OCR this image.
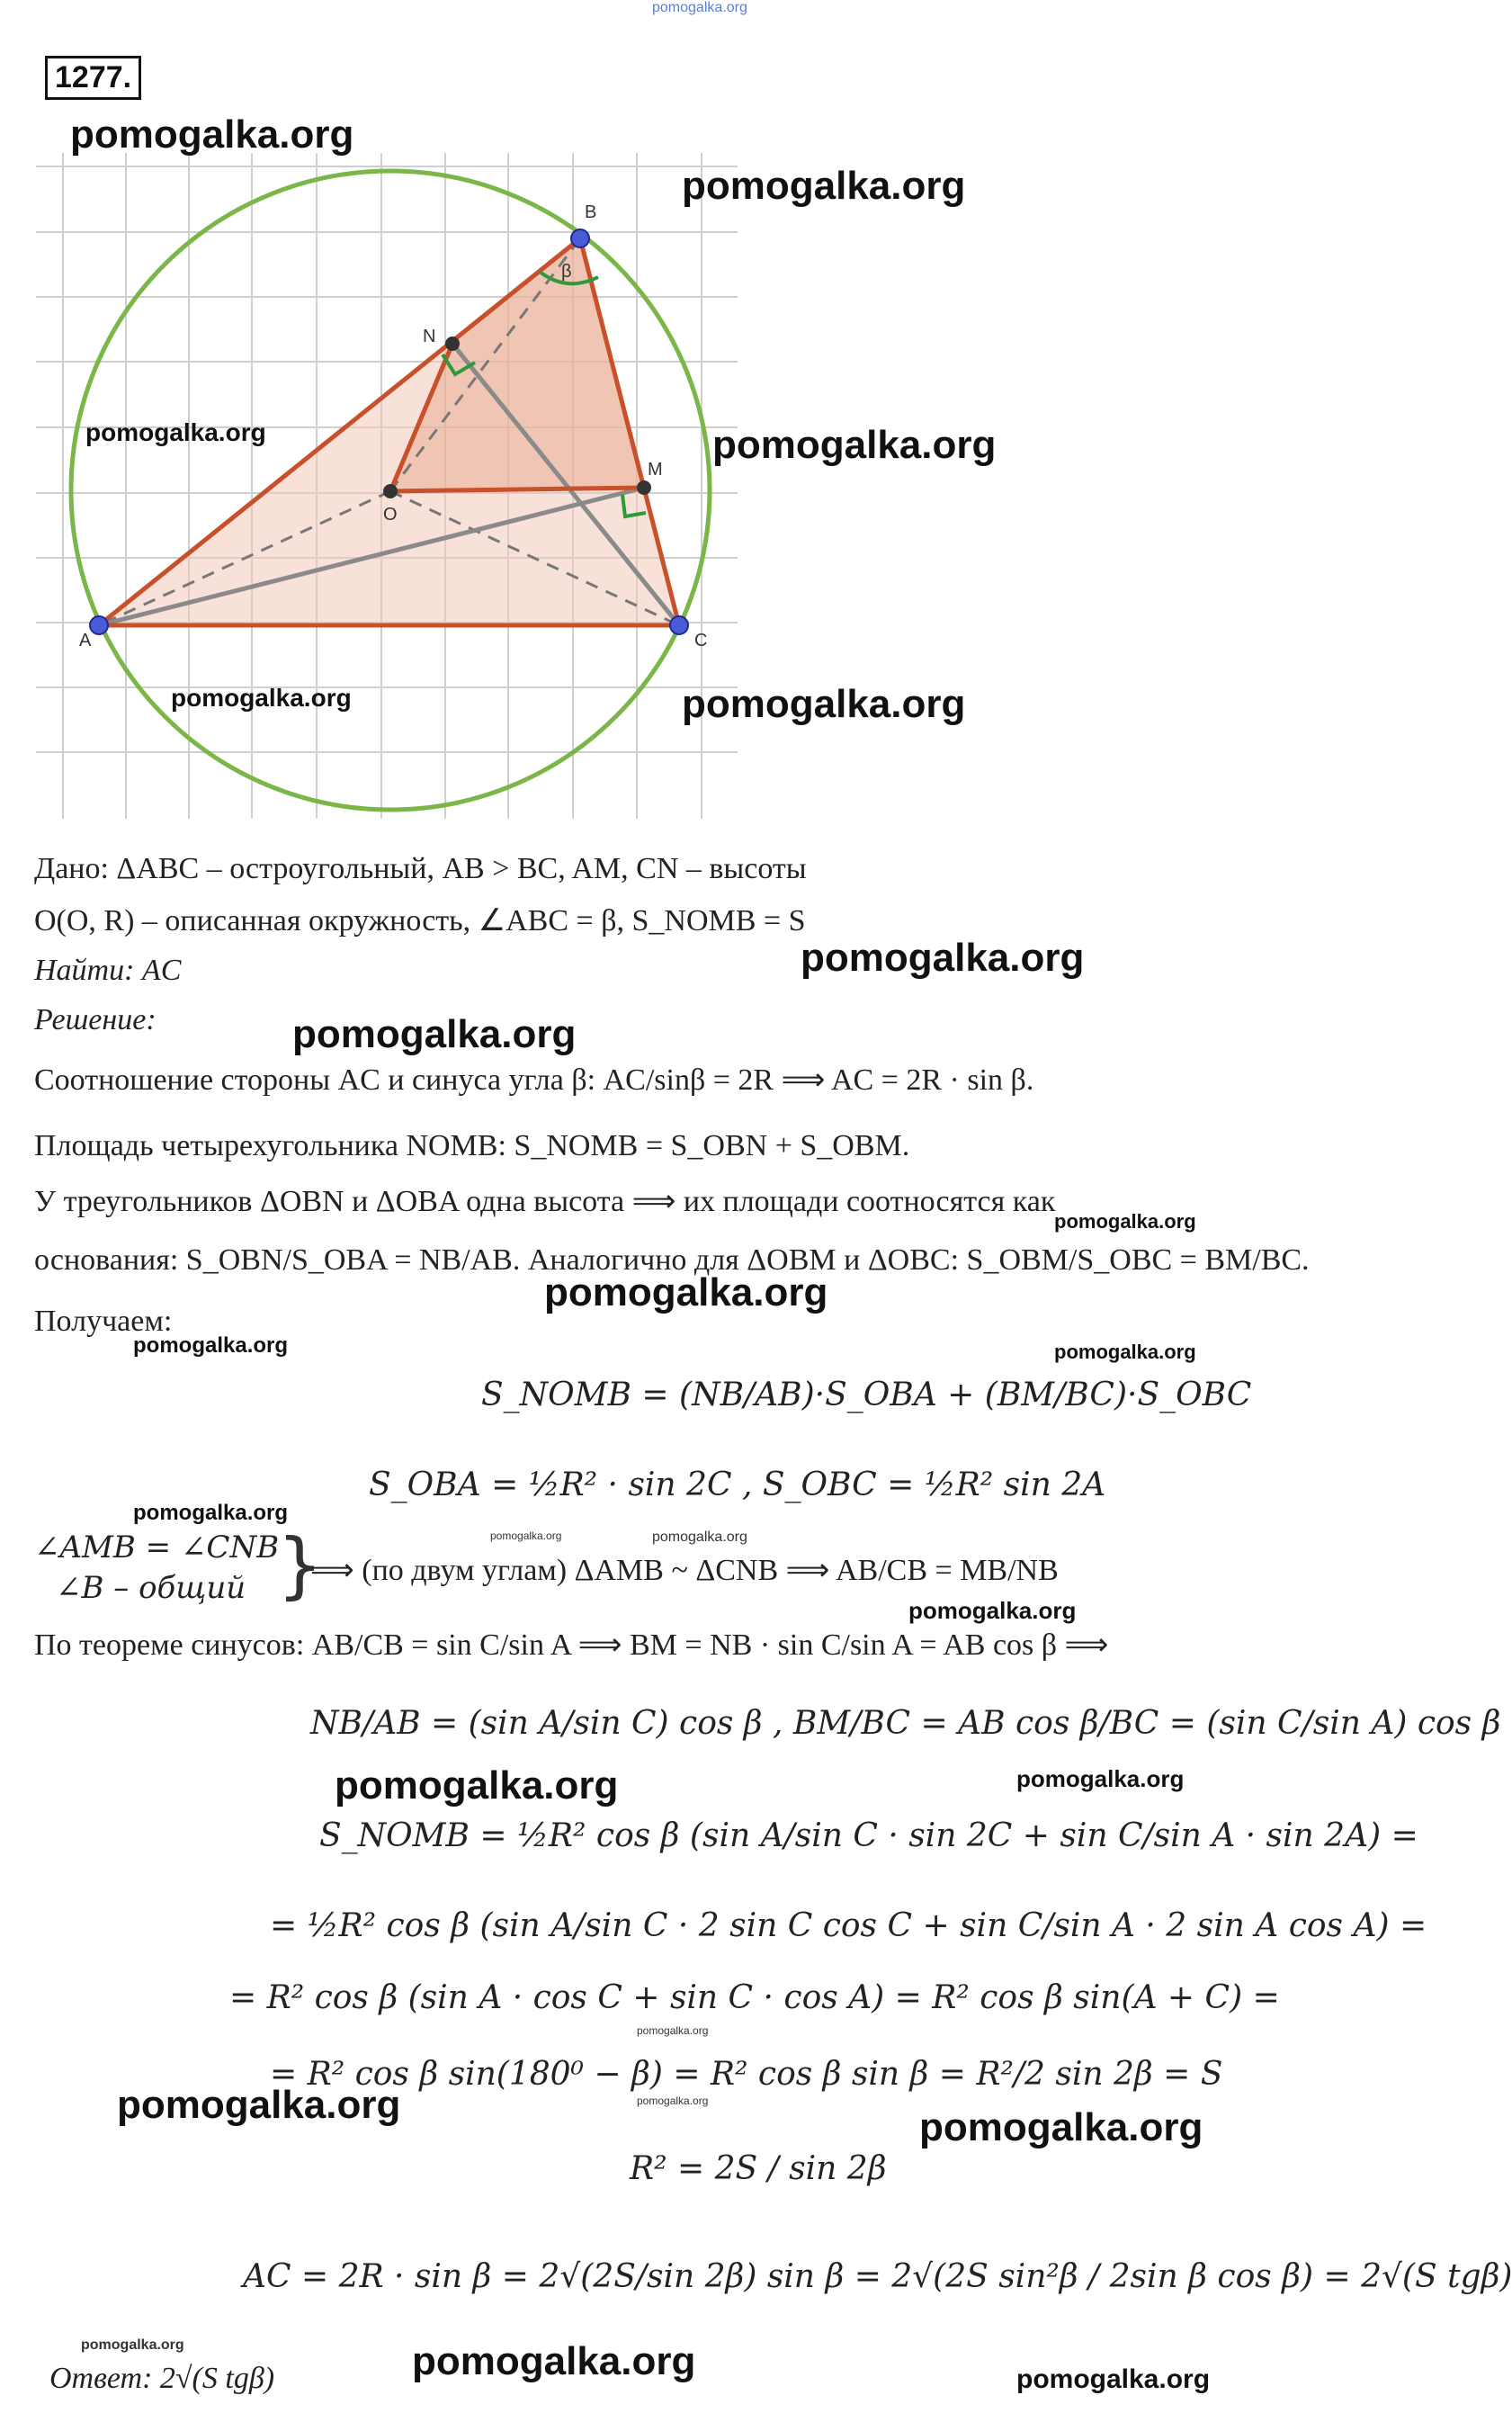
pomogalka.org
1277.
A
B
C
N
M
O
β
pomogalka.org
pomogalka.org
pomogalka.org	pomogalka.org
pomogalka.org	pomogalka.org
Дано: ΔABC – остроугольный, AB > BC, AM, CN – высоты
O(O, R) – описанная окружность, ∠ABC = β, S_NOMB = S
pomogalka.org
Найти: AC
Решение:	pomogalka.org
Соотношение стороны AC и синуса угла β: AC/sinβ = 2R ⟹ AC = 2R · sin β.
Площадь четырехугольника NOMB: S_NOMB = S_OBN + S_OBM.
У треугольников ΔOBN и ΔOBA одна высота ⟹ их площади соотносятся как
pomogalka.org
основания: S_OBN/S_OBA = NB/AB. Аналогично для ΔOBM и ΔOBC: S_OBM/S_OBC = BM/BC.
pomogalka.org
Получаем:
pomogalka.org	pomogalka.org
S_NOMB = (NB/AB)·S_OBA + (BM/BC)·S_OBC
S_OBA = ½R² · sin 2C , S_OBC = ½R² sin 2A
pomogalka.org
pomogalka.org	pomogalka.org
∠AMB = ∠CNB
∠B – общий }
⟹ (по двум углам) ΔAMB ~ ΔCNB ⟹ AB/CB = MB/NB
pomogalka.org
По теореме синусов: AB/CB = sin C/sin A ⟹ BM = NB · sin C/sin A = AB cos β ⟹
NB/AB = (sin A/sin C) cos β , BM/BC = AB cos β/BC = (sin C/sin A) cos β
pomogalka.org	pomogalka.org
S_NOMB = ½R² cos β (sin A/sin C · sin 2C + sin C/sin A · sin 2A) =
= ½R² cos β (sin A/sin C · 2 sin C cos C + sin C/sin A · 2 sin A cos A) =
= R² cos β (sin A · cos C + sin C · cos A) = R² cos β sin(A + C) =
pomogalka.org
= R² cos β sin(180⁰ − β) = R² cos β sin β = R²/2 sin 2β = S
pomogalka.org
pomogalka.org
pomogalka.org
R² = 2S / sin 2β
AC = 2R · sin β = 2√(2S/sin 2β) sin β = 2√(2S sin²β / 2sin β cos β) = 2√(S tgβ)
pomogalka.org
Ответ: 2√(S tgβ)	pomogalka.org	pomogalka.org
